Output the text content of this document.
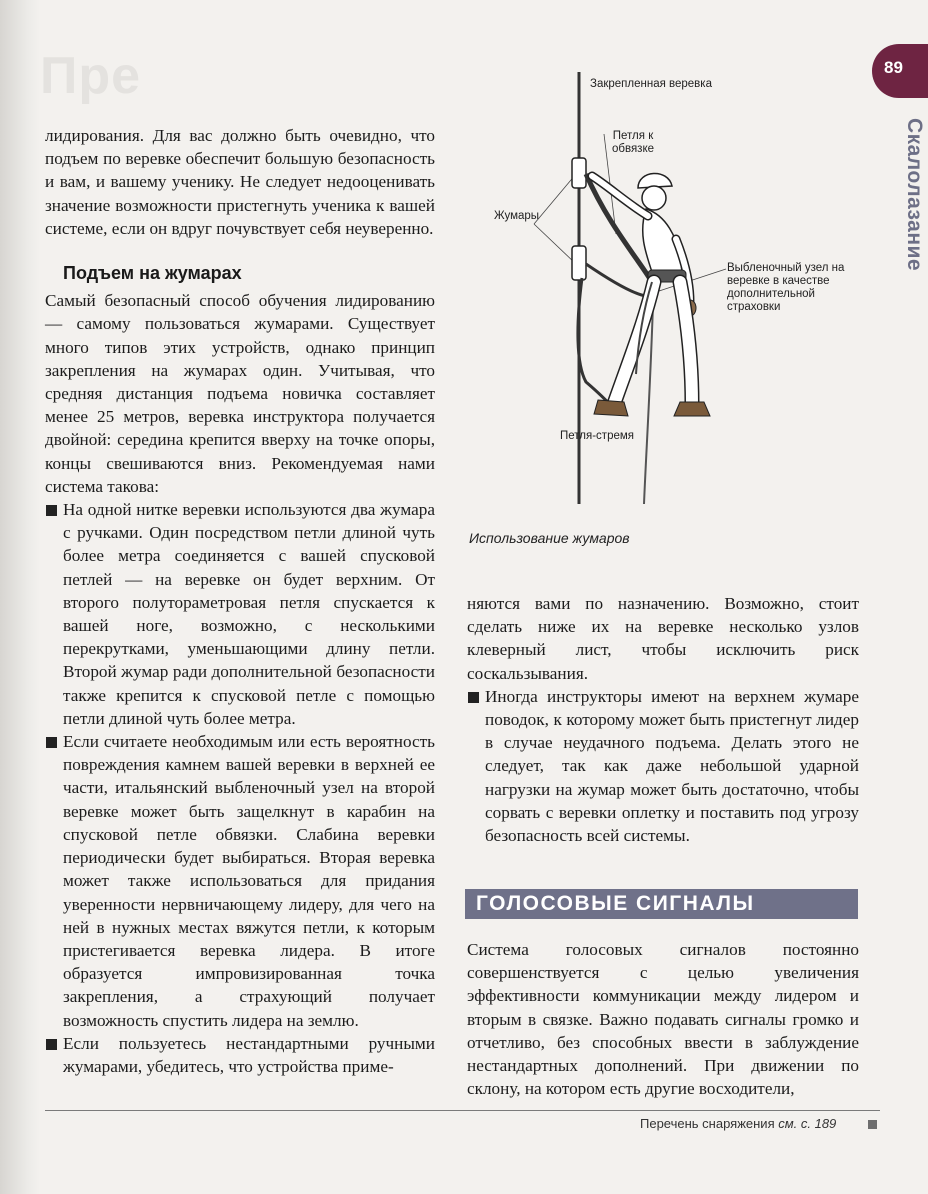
Пре	89
Скалолазание

лидирования. Для вас должно быть очевидно, что подъем по веревке обеспечит большую безопасность и вам, и вашему ученику. Не следует недооценивать значение возможности пристегнуть ученика к вашей системе, если он вдруг почувствует себя неуверенно.

Подъем на жумарах

Самый безопасный способ обучения лидированию — самому пользоваться жумарами. Существует много типов этих устройств, однако принцип закрепления на жумарах один. Учитывая, что средняя дистанция подъема новичка составляет менее 25 метров, веревка инструктора получается двойной: середина крепится вверху на точке опоры, концы свешиваются вниз. Рекомендуемая нами система такова:

На одной нитке веревки используются два жумара с ручками. Один посредством петли длиной чуть более метра соединяется с вашей спусковой петлей — на веревке он будет верхним. От второго полутораметровая петля спускается к вашей ноге, возможно, с несколькими перекрутками, уменьшающими длину петли. Второй жумар ради дополнительной безопасности также крепится к спусковой петле с помощью петли длиной чуть более метра.
Если считаете необходимым или есть вероятность повреждения камнем вашей веревки в верхней ее части, итальянский выбленочный узел на второй веревке может быть защелкнут в карабин на спусковой петле обвязки. Слабина веревки периодически будет выбираться. Вторая веревка может также использоваться для придания уверенности нервничающему лидеру, для чего на ней в нужных местах вяжутся петли, к которым пристегивается веревка лидера. В итоге образуется импровизированная точка закрепления, а страхующий получает возможность спустить лидера на землю.
Если пользуетесь нестандартными ручными жумарами, убедитесь, что устройства приме-
Закрепленная веревка
Петля к обвязке
Жумары
Выбленочный узел на веревке в качестве дополнительной страховки
Петля-стремя
Использование жумаров

няются вами по назначению. Возможно, стоит сделать ниже их на веревке несколько узлов клеверный лист, чтобы исключить риск соскальзывания.

Иногда инструкторы имеют на верхнем жумаре поводок, к которому может быть пристегнут лидер в случае неудачного подъема. Делать этого не следует, так как даже небольшой ударной нагрузки на жумар может быть достаточно, чтобы сорвать с веревки оплетку и поставить под угрозу безопасность всей системы.
ГОЛОСОВЫЕ СИГНАЛЫ

Система голосовых сигналов постоянно совершенствуется с целью увеличения эффективности коммуникации между лидером и вторым в связке. Важно подавать сигналы громко и отчетливо, без способных ввести в заблуждение нестандартных дополнений. При движении по склону, на котором есть другие восходители,

Перечень снаряжения см. с. 189
